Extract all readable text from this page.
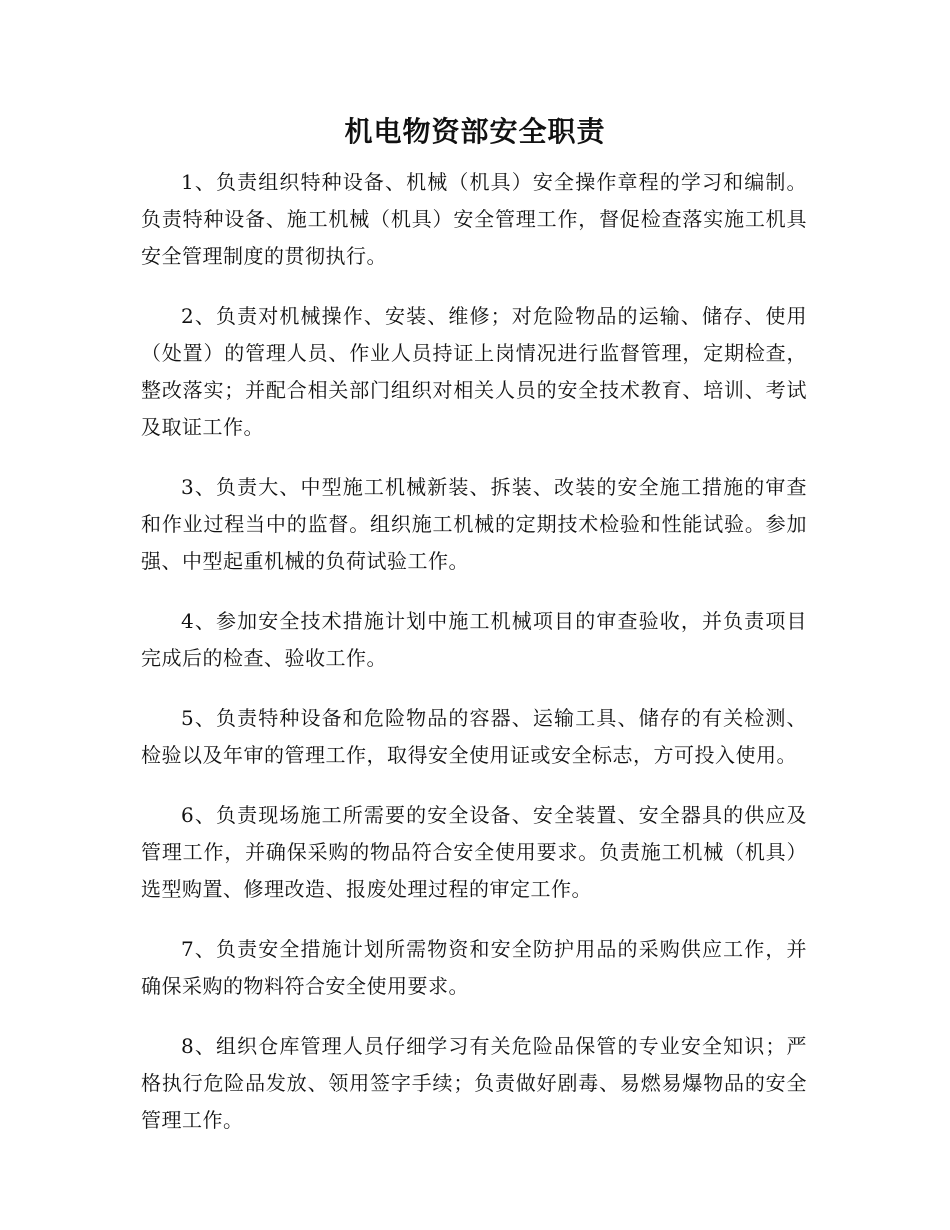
机电物资部安全职责

1、负责组织特种设备、机械（机具）安全操作章程的学习和编制。负责特种设备、施工机械（机具）安全管理工作，督促检查落实施工机具安全管理制度的贯彻执行。

2、负责对机械操作、安装、维修；对危险物品的运输、储存、使用（处置）的管理人员、作业人员持证上岗情况进行监督管理，定期检查，整改落实；并配合相关部门组织对相关人员的安全技术教育、培训、考试及取证工作。

3、负责大、中型施工机械新装、拆装、改装的安全施工措施的审查和作业过程当中的监督。组织施工机械的定期技术检验和性能试验。参加强、中型起重机械的负荷试验工作。

4、参加安全技术措施计划中施工机械项目的审查验收，并负责项目完成后的检查、验收工作。

5、负责特种设备和危险物品的容器、运输工具、储存的有关检测、检验以及年审的管理工作，取得安全使用证或安全标志，方可投入使用。

6、负责现场施工所需要的安全设备、安全装置、安全器具的供应及管理工作，并确保采购的物品符合安全使用要求。负责施工机械（机具）选型购置、修理改造、报废处理过程的审定工作。

7、负责安全措施计划所需物资和安全防护用品的采购供应工作，并确保采购的物料符合安全使用要求。

8、组织仓库管理人员仔细学习有关危险品保管的专业安全知识；严格执行危险品发放、领用签字手续；负责做好剧毒、易燃易爆物品的安全管理工作。
